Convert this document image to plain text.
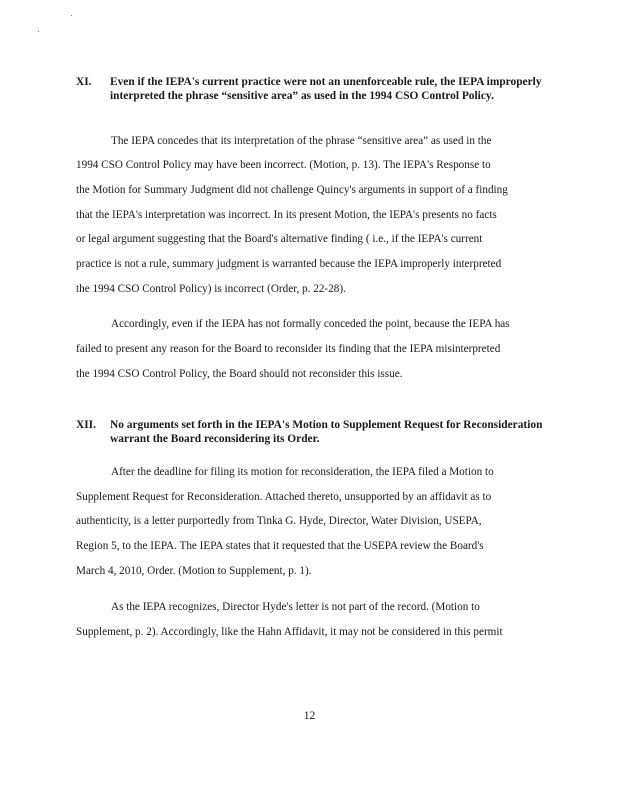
XI. Even if the IEPA's current practice were not an unenforceable rule, the IEPA improperly interpreted the phrase “sensitive area” as used in the 1994 CSO Control Policy.
The IEPA concedes that its interpretation of the phrase “sensitive area” as used in the
1994 CSO Control Policy may have been incorrect. (Motion, p. 13). The IEPA's Response to
the Motion for Summary Judgment did not challenge Quincy's arguments in support of a finding
that the IEPA's interpretation was incorrect. In its present Motion, the IEPA's presents no facts
or legal argument suggesting that the Board's alternative finding ( i.e., if the IEPA's current
practice is not a rule, summary judgment is warranted because the IEPA improperly interpreted
the 1994 CSO Control Policy) is incorrect (Order, p. 22-28).
Accordingly, even if the IEPA has not formally conceded the point, because the IEPA has
failed to present any reason for the Board to reconsider its finding that the IEPA misinterpreted
the 1994 CSO Control Policy, the Board should not reconsider this issue.
XII. No arguments set forth in the IEPA's Motion to Supplement Request for Reconsideration warrant the Board reconsidering its Order.
After the deadline for filing its motion for reconsideration, the IEPA filed a Motion to
Supplement Request for Reconsideration. Attached thereto, unsupported by an affidavit as to
authenticity, is a letter purportedly from Tinka G. Hyde, Director, Water Division, USEPA,
Region 5, to the IEPA. The IEPA states that it requested that the USEPA review the Board's
March 4, 2010, Order. (Motion to Supplement, p. 1).
As the IEPA recognizes, Director Hyde's letter is not part of the record. (Motion to
Supplement, p. 2). Accordingly, like the Hahn Affidavit, it may not be considered in this permit
12
